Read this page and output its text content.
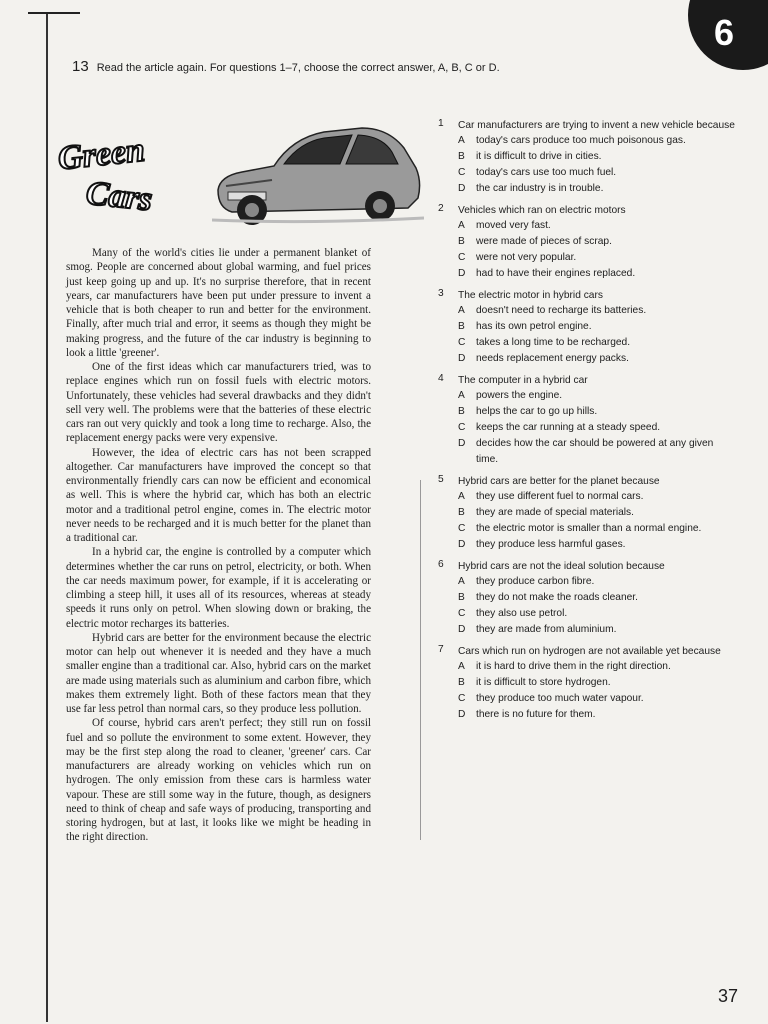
6
13 Read the article again. For questions 1–7, choose the correct answer, A, B, C or D.
Green
Cars

Many of the world's cities lie under a permanent blanket of smog. People are concerned about global warming, and fuel prices just keep going up and up. It's no surprise therefore, that in recent years, car manufacturers have been put under pressure to invent a vehicle that is both cheaper to run and better for the environment. Finally, after much trial and error, it seems as though they might be making progress, and the future of the car industry is beginning to look a little 'greener'.

One of the first ideas which car manufacturers tried, was to replace engines which run on fossil fuels with electric motors. Unfortunately, these vehicles had several drawbacks and they didn't sell very well. The problems were that the batteries of these electric cars ran out very quickly and took a long time to recharge. Also, the replacement energy packs were very expensive.

However, the idea of electric cars has not been scrapped altogether. Car manufacturers have improved the concept so that environmentally friendly cars can now be efficient and economical as well. This is where the hybrid car, which has both an electric motor and a traditional petrol engine, comes in. The electric motor never needs to be recharged and it is much better for the planet than a traditional car.

In a hybrid car, the engine is controlled by a computer which determines whether the car runs on petrol, electricity, or both. When the car needs maximum power, for example, if it is accelerating or climbing a steep hill, it uses all of its resources, whereas at steady speeds it runs only on petrol. When slowing down or braking, the electric motor recharges its batteries.

Hybrid cars are better for the environment because the electric motor can help out whenever it is needed and they have a much smaller engine than a traditional car. Also, hybrid cars on the market are made using materials such as aluminium and carbon fibre, which makes them extremely light. Both of these factors mean that they use far less petrol than normal cars, so they produce less pollution.

Of course, hybrid cars aren't perfect; they still run on fossil fuel and so pollute the environment to some extent. However, they may be the first step along the road to cleaner, 'greener' cars. Car manufacturers are already working on vehicles which run on hydrogen. The only emission from these cars is harmless water vapour. These are still some way in the future, though, as designers need to think of cheap and safe ways of producing, transporting and storing hydrogen, but at last, it looks like we might be heading in the right direction.

1 Car manufacturers are trying to invent a new vehicle because
A today's cars produce too much poisonous gas.
B it is difficult to drive in cities.
C today's cars use too much fuel.
D the car industry is in trouble.
2 Vehicles which ran on electric motors
A moved very fast.
B were made of pieces of scrap.
C were not very popular.
D had to have their engines replaced.
3 The electric motor in hybrid cars
A doesn't need to recharge its batteries.
B has its own petrol engine.
C takes a long time to be recharged.
D needs replacement energy packs.
4 The computer in a hybrid car
A powers the engine.
B helps the car to go up hills.
C keeps the car running at a steady speed.
D decides how the car should be powered at any given time.
5 Hybrid cars are better for the planet because
A they use different fuel to normal cars.
B they are made of special materials.
C the electric motor is smaller than a normal engine.
D they produce less harmful gases.
6 Hybrid cars are not the ideal solution because
A they produce carbon fibre.
B they do not make the roads cleaner.
C they also use petrol.
D they are made from aluminium.
7 Cars which run on hydrogen are not available yet because
A it is hard to drive them in the right direction.
B it is difficult to store hydrogen.
C they produce too much water vapour.
D there is no future for them.
37
